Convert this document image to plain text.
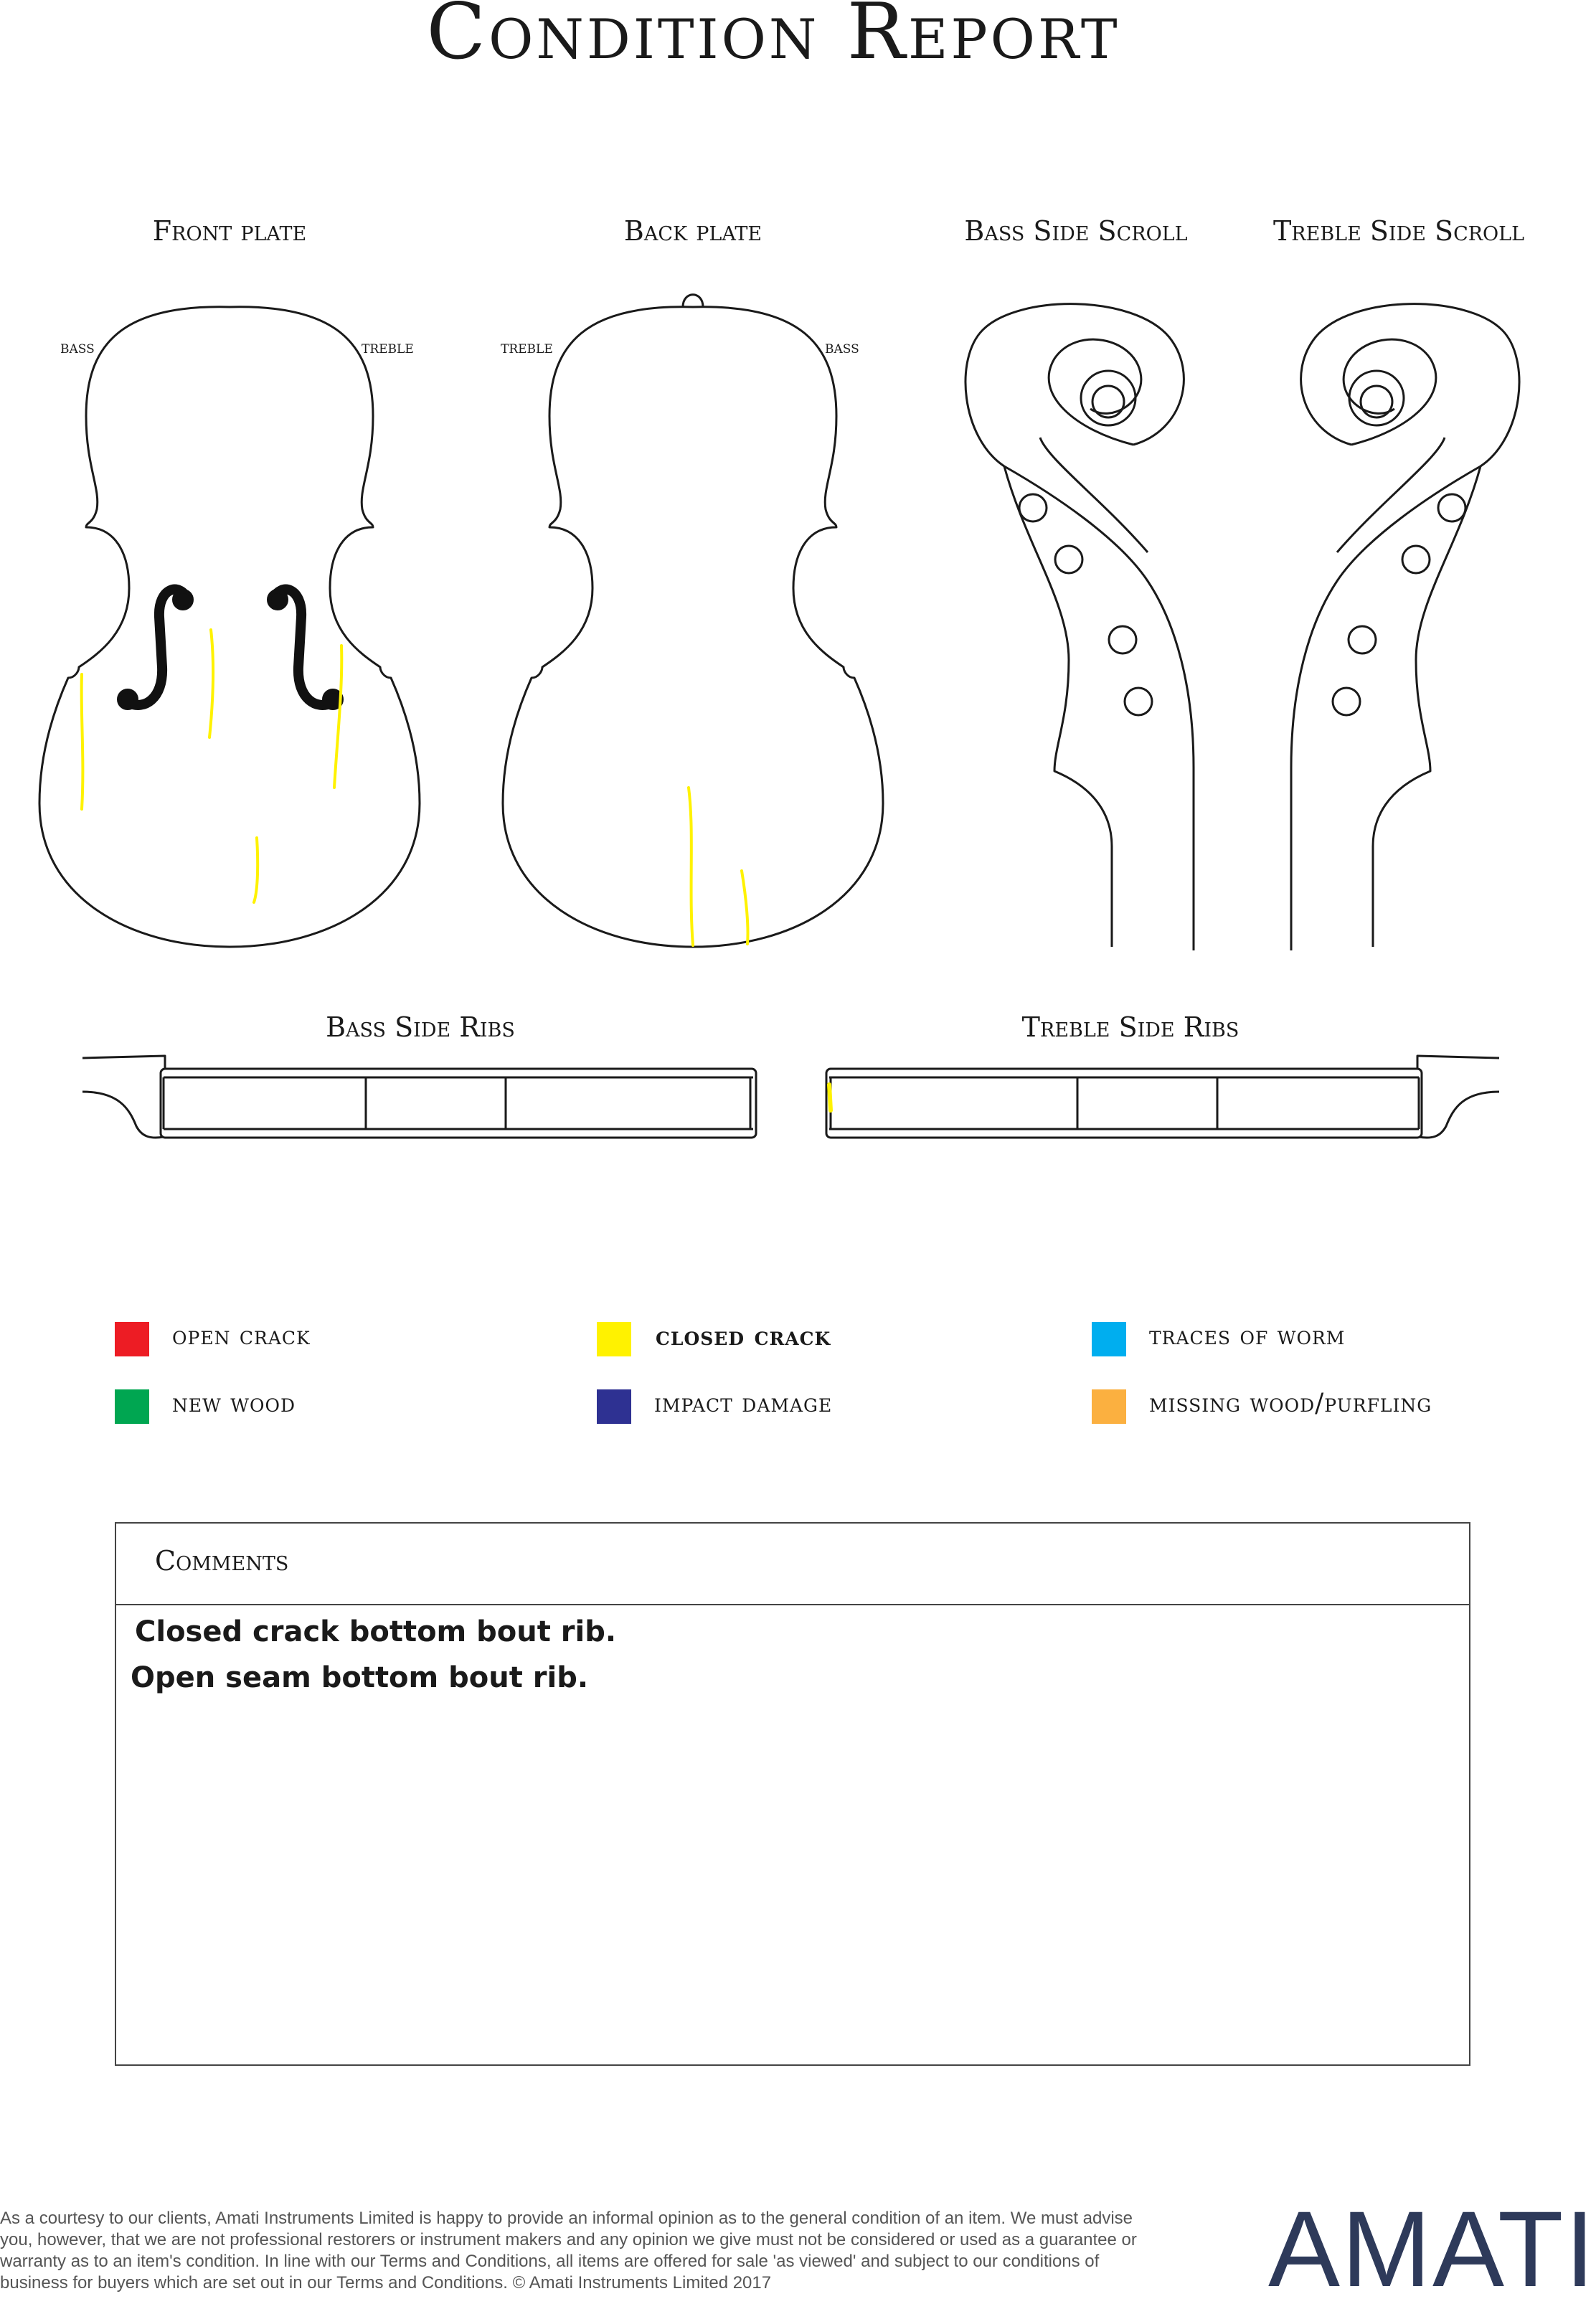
Condition Report
Front plate	Back plate	Bass Side Scroll	Treble Side Scroll
Bass Side Ribs	Treble Side Ribs
bass	treble	treble	bass
open crack	closed crack	traces of worm
new wood	impact damage	missing wood/purfling
Comments
Closed crack bottom bout rib.
Open seam bottom bout rib.
As a courtesy to our clients, Amati Instruments Limited is happy to provide an informal opinion as to the general condition of an item. We must advise you, however, that we are not professional restorers or instrument makers and any opinion we give must not be considered or used as a guarantee or warranty as to an item's condition. In line with our Terms and Conditions, all items are offered for sale 'as viewed' and subject to our conditions of business for buyers which are set out in our Terms and Conditions. © Amati Instruments Limited 2017	AMATI
